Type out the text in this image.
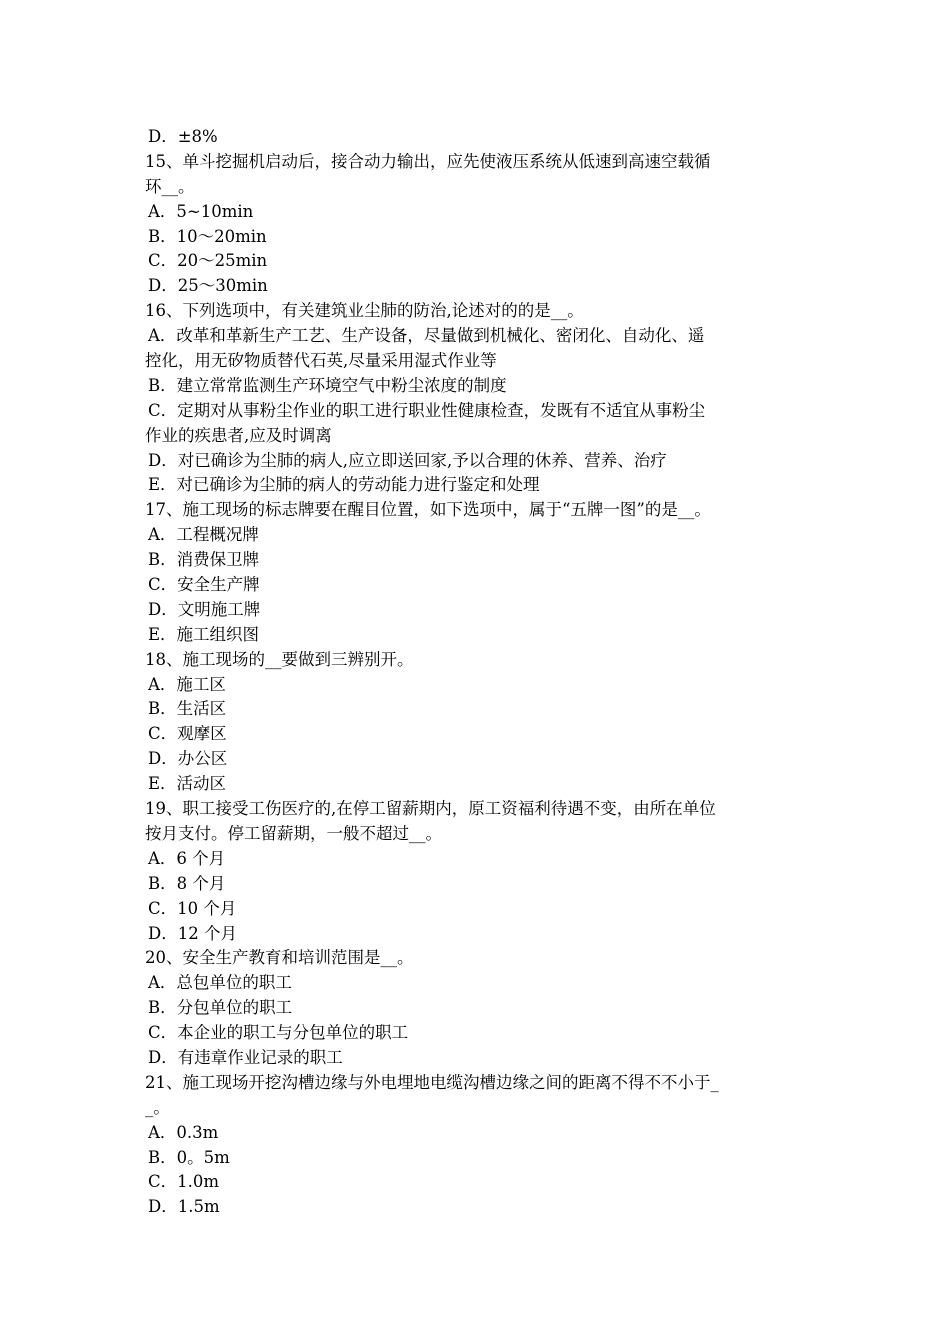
D．±8%
15、单斗挖掘机启动后，接合动力输出，应先使液压系统从低速到高速空载循
环__。
A．5~10min
B．10～20min
C．20～25min
D．25～30min
16、下列选项中，有关建筑业尘肺的防治,论述对的的是__。
A．改革和革新生产工艺、生产设备，尽量做到机械化、密闭化、自动化、遥
控化，用无矽物质替代石英,尽量采用湿式作业等
B．建立常常监测生产环境空气中粉尘浓度的制度
C．定期对从事粉尘作业的职工进行职业性健康检查，发既有不适宜从事粉尘
作业的疾患者,应及时调离
D．对已确诊为尘肺的病人,应立即送回家,予以合理的休养、营养、治疗
E．对已确诊为尘肺的病人的劳动能力进行鉴定和处理
17、施工现场的标志牌要在醒目位置，如下选项中，属于“五牌一图”的是__。
A．工程概况牌
B．消费保卫牌
C．安全生产牌
D．文明施工牌
E．施工组织图
18、施工现场的__要做到三辨别开。
A．施工区
B．生活区
C．观摩区
D．办公区
E．活动区
19、职工接受工伤医疗的,在停工留薪期内，原工资福利待遇不变，由所在单位
按月支付。停工留薪期，一般不超过__。
A．6 个月
B．8 个月
C．10 个月
D．12 个月
20、安全生产教育和培训范围是__。
A．总包单位的职工
B．分包单位的职工
C．本企业的职工与分包单位的职工
D．有违章作业记录的职工
21、施工现场开挖沟槽边缘与外电埋地电缆沟槽边缘之间的距离不得不不小于_
_。
A．0.3m
B．0。5m
C．1.0m
D．1.5m
